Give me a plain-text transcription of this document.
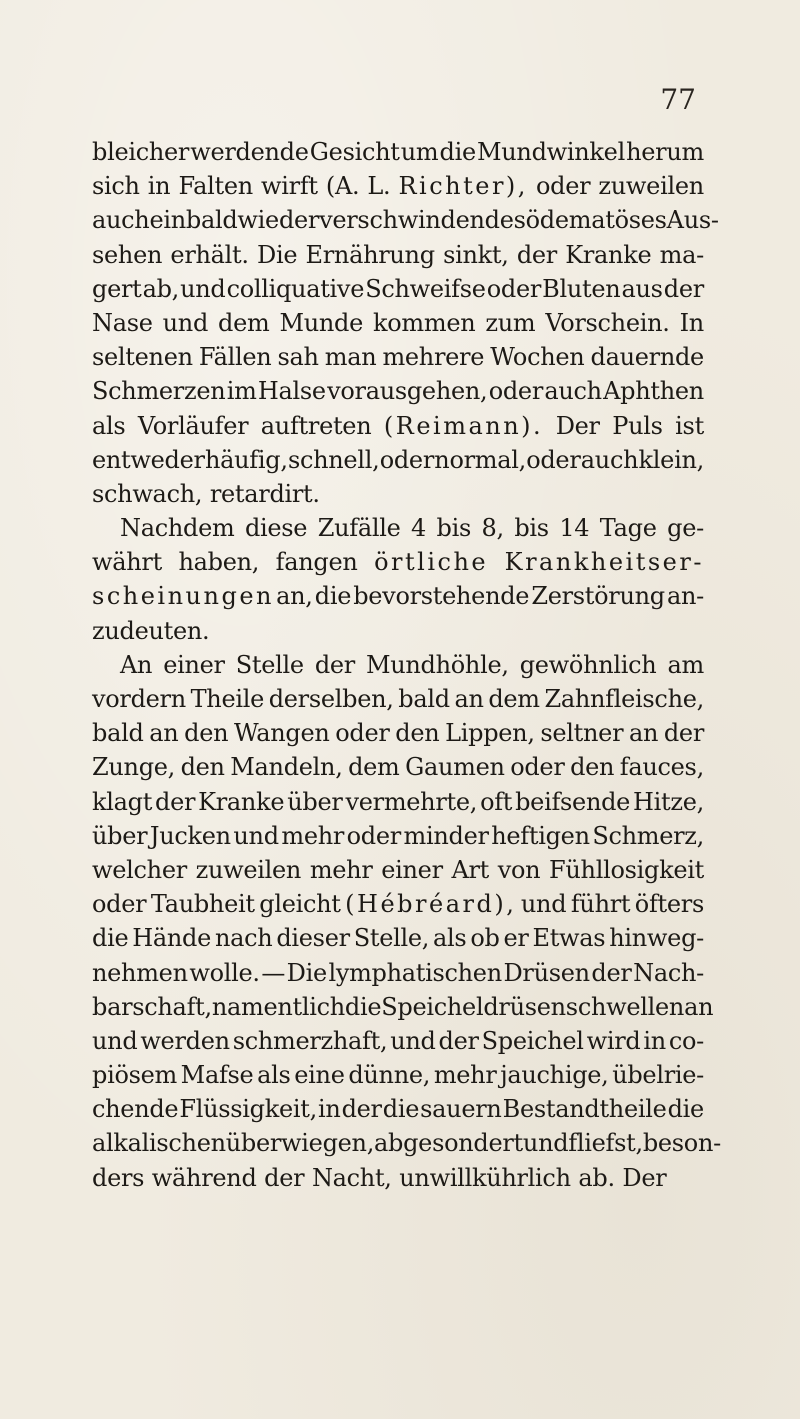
77
bleicher werdende Gesicht um die Mundwinkel herum
sich in Falten wirft (A. L. Richter), oder zuweilen
auch ein bald wieder verschwindendes ödematöses Aus-
sehen erhält. Die Ernährung sinkt, der Kranke ma-
gert ab, und colliquative Schweifse oder Bluten aus der
Nase und dem Munde kommen zum Vorschein. In
seltenen Fällen sah man mehrere Wochen dauernde
Schmerzen im Halse vorausgehen, oder auch Aphthen
als Vorläufer auftreten (Reimann). Der Puls ist
entweder häufig, schnell, oder normal, oder auch klein,
schwach,
retardirt.
Nachdem diese Zufälle 4 bis 8, bis 14 Tage ge-
währt haben, fangen örtliche Krankheitser-
scheinungen an, die bevorstehende Zerstörung an-
zudeuten.
An einer Stelle der Mundhöhle, gewöhnlich am
vordern Theile derselben, bald an dem Zahnfleische,
bald an den Wangen oder den Lippen, seltner an der
Zunge, den Mandeln, dem Gaumen oder den fauces,
klagt der Kranke über vermehrte, oft beifsende Hitze,
über Jucken und mehr oder minder heftigen Schmerz,
welcher zuweilen mehr einer Art von Fühllosigkeit
oder Taubheit gleicht (Hébréard), und führt öfters
die Hände nach dieser Stelle, als ob er Etwas hinweg-
nehmen wolle. — Die lymphatischen Drüsen der Nach-
barschaft, namentlich die Speicheldrüsen schwellen an
und werden schmerzhaft, und der Speichel wird in co-
piösem Mafse als eine dünne, mehr jauchige, übelrie-
chende Flüssigkeit, in der die sauern Bestandtheile die
alkalischen überwiegen, abgesondert und fliefst, beson-
ders
während
der
Nacht,
unwillkührlich
ab.
Der
